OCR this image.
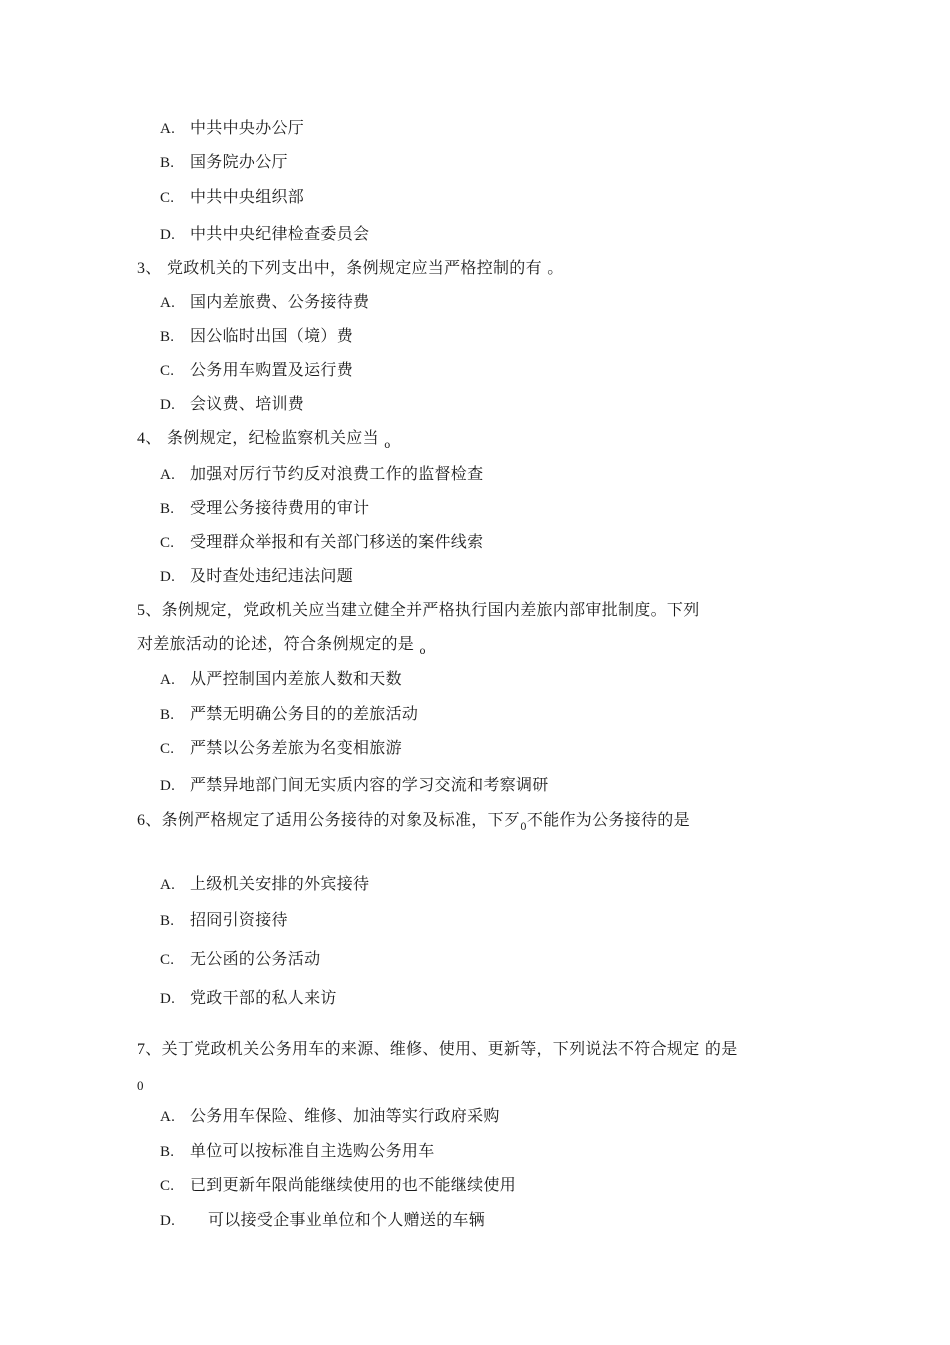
A. 中共中央办公厅
B. 国务院办公厅
C. 中共中央组织部
D. 中共中央纪律检查委员会
3、 党政机关的下列支出中，条例规定应当严格控制的有 。
A. 国内差旅费、公务接待费
B. 因公临时出国（境）费
C. 公务用车购置及运行费
D. 会议费、培训费
4、 条例规定，纪检监察机关应当 $_o$
A. 加强对厉行节约反对浪费工作的监督检查
B. 受理公务接待费用的审计
C. 受理群众举报和有关部门移送的案件线索
D. 及时查处违纪违法问题
5、条例规定，党政机关应当建立健全并严格执行国内差旅内部审批制度。下列
对差旅活动的论述，符合条例规定的是 $_o$
A. 从严控制国内差旅人数和天数
B. 严禁无明确公务目的的差旅活动
C. 严禁以公务差旅为名变相旅游
D. 严禁异地部门间无实质内容的学习交流和考察调研
6、条例严格规定了适用公务接待的对象及标准，下歹$_0$不能作为公务接待的是
A. 上级机关安排的外宾接待
B. 招冏引资接待
C. 无公函的公务活动
D. 党政干部的私人来访
7、关丁党政机关公务用车的来源、维修、使用、更新等，下列说法不符合规定 的是
0
A. 公务用车保险、维修、加油等实行政府采购
B. 单位可以按标准自主选购公务用车
C. 已到更新年限尚能继续使用的也不能继续使用
D. 可以接受企事业单位和个人赠送的车辆
